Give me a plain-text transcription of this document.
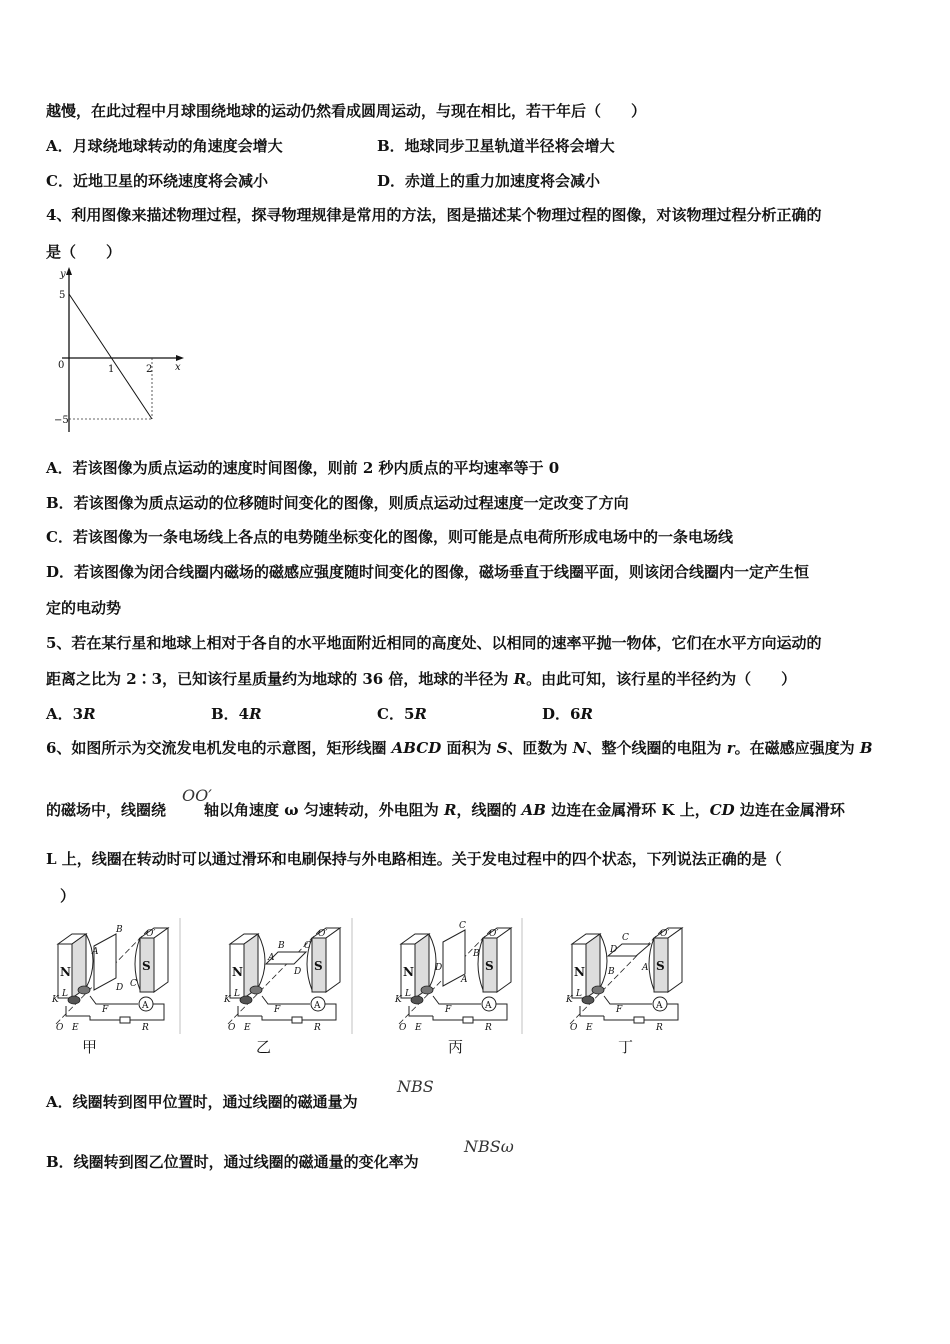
越慢，在此过程中月球围绕地球的运动仍然看成圆周运动，与现在相比，若干年后（　　）
A．月球绕地球转动的角速度会增大	B．地球同步卫星轨道半径将会增大
C．近地卫星的环绕速度将会减小	D．赤道上的重力加速度将会减小
4、利用图像来描述物理过程，探寻物理规律是常用的方法，图是描述某个物理过程的图像，对该物理过程分析正确的
是（　　）
y
x
0
5
−5
1	2
A．若该图像为质点运动的速度时间图像，则前 2 秒内质点的平均速率等于 0
B．若该图像为质点运动的位移随时间变化的图像，则质点运动过程速度一定改变了方向
C．若该图像为一条电场线上各点的电势随坐标变化的图像，则可能是点电荷所形成电场中的一条电场线
D．若该图像为闭合线圈内磁场的磁感应强度随时间变化的图像，磁场垂直于线圈平面，则该闭合线圈内一定产生恒
定的电动势
5、若在某行星和地球上相对于各自的水平地面附近相同的高度处、以相同的速率平抛一物体，它们在水平方向运动的
距离之比为 2∶3，已知该行星质量约为地球的 36 倍，地球的半径为 R。由此可知，该行星的半径约为（　　）
A．3R	B．4R	C．5R	D．6R
6、如图所示为交流发电机发电的示意图，矩形线圈 ABCD 面积为 S、匝数为 N、整个线圈的电阻为 r。在磁感应强度为 B
OO′
的磁场中，线圈绕	轴以角速度 ω 匀速转动，外电阻为 R，线圈的 AB 边连在金属滑环 K 上，CD 边连在金属滑环
L 上，线圈在转动时可以通过滑环和电刷保持与外电路相连。关于发电过程中的四个状态，下列说法正确的是（
）
A
B
D C
A
B C
D
C
D
A
B	D
C
A
B
甲	乙	丙	丁
A．线圈转到图甲位置时，通过线圈的磁通量为
NBS
B．线圈转到图乙位置时，通过线圈的磁通量的变化率为
NBSω
